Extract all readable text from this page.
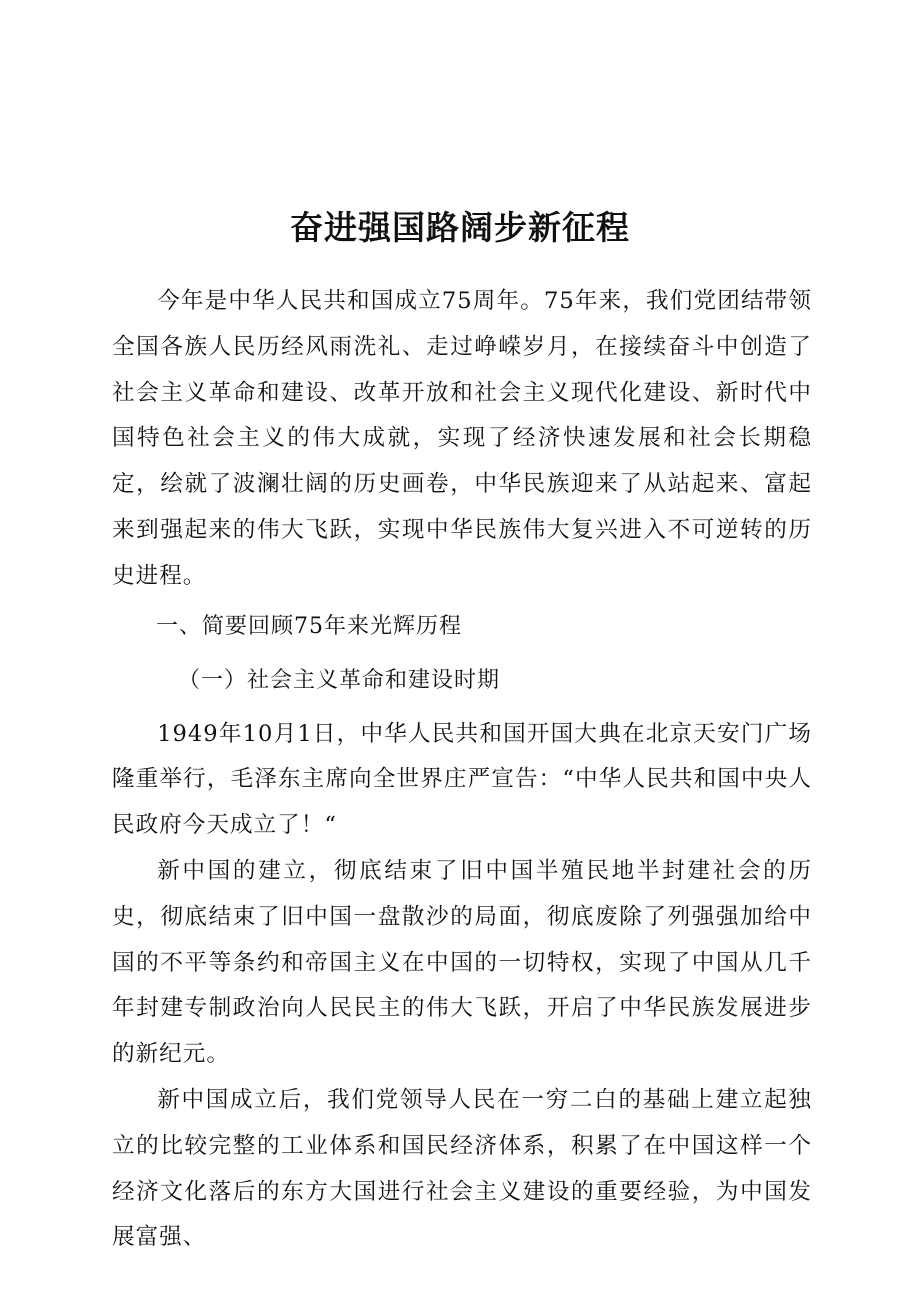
奋进强国路阔步新征程

今年是中华人民共和国成立75周年。75年来，我们党团结带领全国各族人民历经风雨洗礼、走过峥嵘岁月，在接续奋斗中创造了社会主义革命和建设、改革开放和社会主义现代化建设、新时代中国特色社会主义的伟大成就，实现了经济快速发展和社会长期稳定，绘就了波澜壮阔的历史画卷，中华民族迎来了从站起来、富起来到强起来的伟大飞跃，实现中华民族伟大复兴进入不可逆转的历史进程。

一、简要回顾75年来光辉历程

（一）社会主义革命和建设时期

1949年10月1日，中华人民共和国开国大典在北京天安门广场隆重举行，毛泽东主席向全世界庄严宣告：“中华人民共和国中央人民政府今天成立了！“

新中国的建立，彻底结束了旧中国半殖民地半封建社会的历史，彻底结束了旧中国一盘散沙的局面，彻底废除了列强强加给中国的不平等条约和帝国主义在中国的一切特权，实现了中国从几千年封建专制政治向人民民主的伟大飞跃，开启了中华民族发展进步的新纪元。

新中国成立后，我们党领导人民在一穷二白的基础上建立起独立的比较完整的工业体系和国民经济体系，积累了在中国这样一个经济文化落后的东方大国进行社会主义建设的重要经验，为中国发展富强、
